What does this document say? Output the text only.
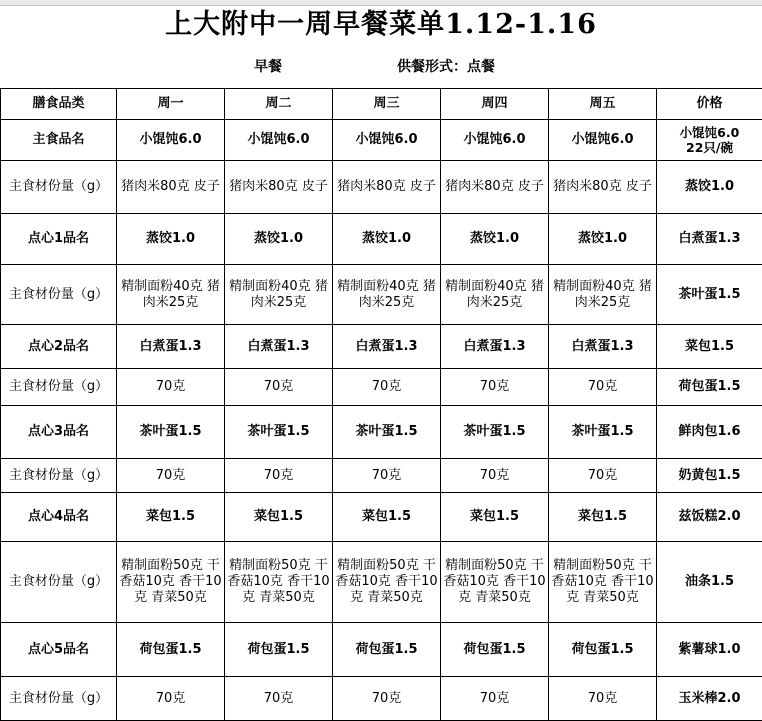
上大附中一周早餐菜单1.12-1.16
早餐	供餐形式：点餐
膳食品类	周一	周二	周三	周四	周五	价格
主食品名	小馄饨6.0	小馄饨6.0	小馄饨6.0	小馄饨6.0	小馄饨6.0	小馄饨6.0
22只/碗

主食材份量（g）	猪肉米80克 皮子	猪肉米80克 皮子	猪肉米80克 皮子	猪肉米80克 皮子	猪肉米80克 皮子	蒸饺1.0

点心1品名	蒸饺1.0	蒸饺1.0	蒸饺1.0	蒸饺1.0	蒸饺1.0	白煮蛋1.3

主食材份量（g）	精制面粉40克 猪肉米25克	精制面粉40克 猪肉米25克	精制面粉40克 猪肉米25克	精制面粉40克 猪肉米25克	精制面粉40克 猪肉米25克	茶叶蛋1.5

点心2品名	白煮蛋1.3	白煮蛋1.3	白煮蛋1.3	白煮蛋1.3	白煮蛋1.3	菜包1.5

主食材份量（g）	70克	70克	70克	70克	70克	荷包蛋1.5

点心3品名	茶叶蛋1.5	茶叶蛋1.5	茶叶蛋1.5	茶叶蛋1.5	茶叶蛋1.5	鲜肉包1.6

主食材份量（g）	70克	70克	70克	70克	70克	奶黄包1.5

点心4品名	菜包1.5	菜包1.5	菜包1.5	菜包1.5	菜包1.5	兹饭糕2.0

主食材份量（g）	精制面粉50克 干香菇10克 香干10克 青菜50克	精制面粉50克 干香菇10克 香干10克 青菜50克	精制面粉50克 干香菇10克 香干10克 青菜50克	精制面粉50克 干香菇10克 香干10克 青菜50克	精制面粉50克 干香菇10克 香干10克 青菜50克	油条1.5

点心5品名	荷包蛋1.5	荷包蛋1.5	荷包蛋1.5	荷包蛋1.5	荷包蛋1.5	紫薯球1.0

主食材份量（g）	70克	70克	70克	70克	70克	玉米棒2.0
